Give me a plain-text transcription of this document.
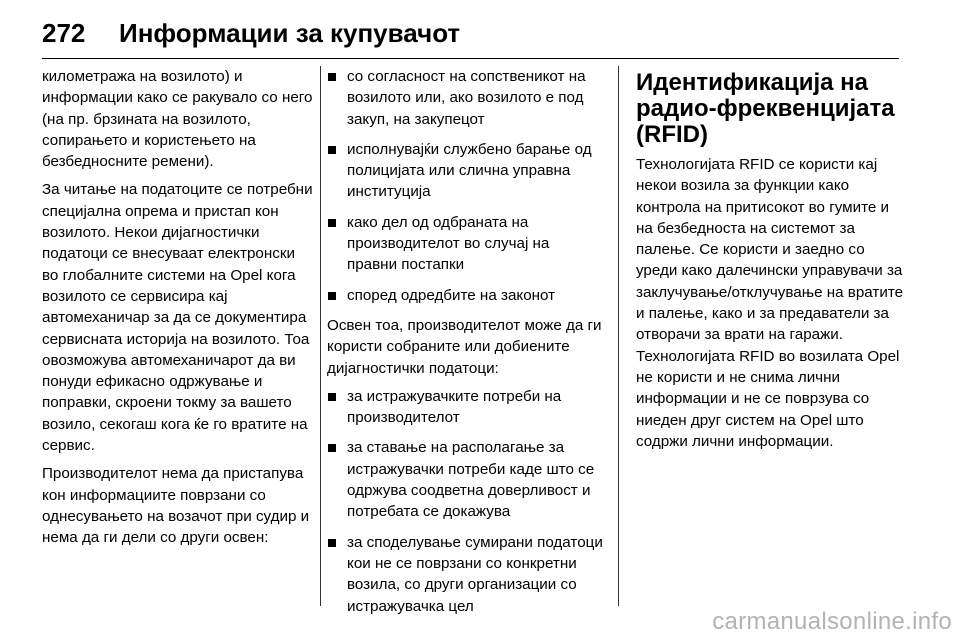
272 Информации за купувачот

километража на возилото) и информации како се ракувало со него (на пр. брзината на возилото, сопирањето и користењето на безбедносните ремени).

За читање на податоците се потребни специјална опрема и пристап кон возилото. Некои дијагностички податоци се внесуваат електронски во глобалните системи на Opel кога возилото се сервисира кај автомеханичар за да се документира сервисната историја на возилото. Тоа овозможува автомеханичарот да ви понуди ефикасно одржување и поправки, скроени токму за вашето возило, секогаш кога ќе го вратите на сервис.

Производителот нема да пристапува кон информациите поврзани со однесувањето на возачот при судир и нема да ги дели со други освен:

со согласност на сопственикот на возилото или, ако возилото е под закуп, на закупецот
исполнувајќи службено барање од полицијата или слична управна институција
како дел од одбраната на производителот во случај на правни постапки
според одредбите на законот

Освен тоа, производителот може да ги користи собраните или добиените дијагностички податоци:

за истражувачките потреби на производителот
за ставање на располагање за истражувачки потреби каде што се одржува соодветна доверливост и потребата се докажува
за споделување сумирани податоци кои не се поврзани со конкретни возила, со други организации со истражувачка цел
Идентификација на радио-фреквенцијата (RFID)

Технологијата RFID се користи кај некои возила за функции како контрола на притисокот во гумите и на безбедноста на системот за палење. Се користи и заедно со уреди како далечински управувачи за заклучување/отклучување на вратите и палење, како и за предаватели за отворачи за врати на гаражи. Технологијата RFID во возилата Opel не користи и не снима лични информации и не се поврзува со ниеден друг систем на Opel што содржи лични информации.

carmanualsonline.info
